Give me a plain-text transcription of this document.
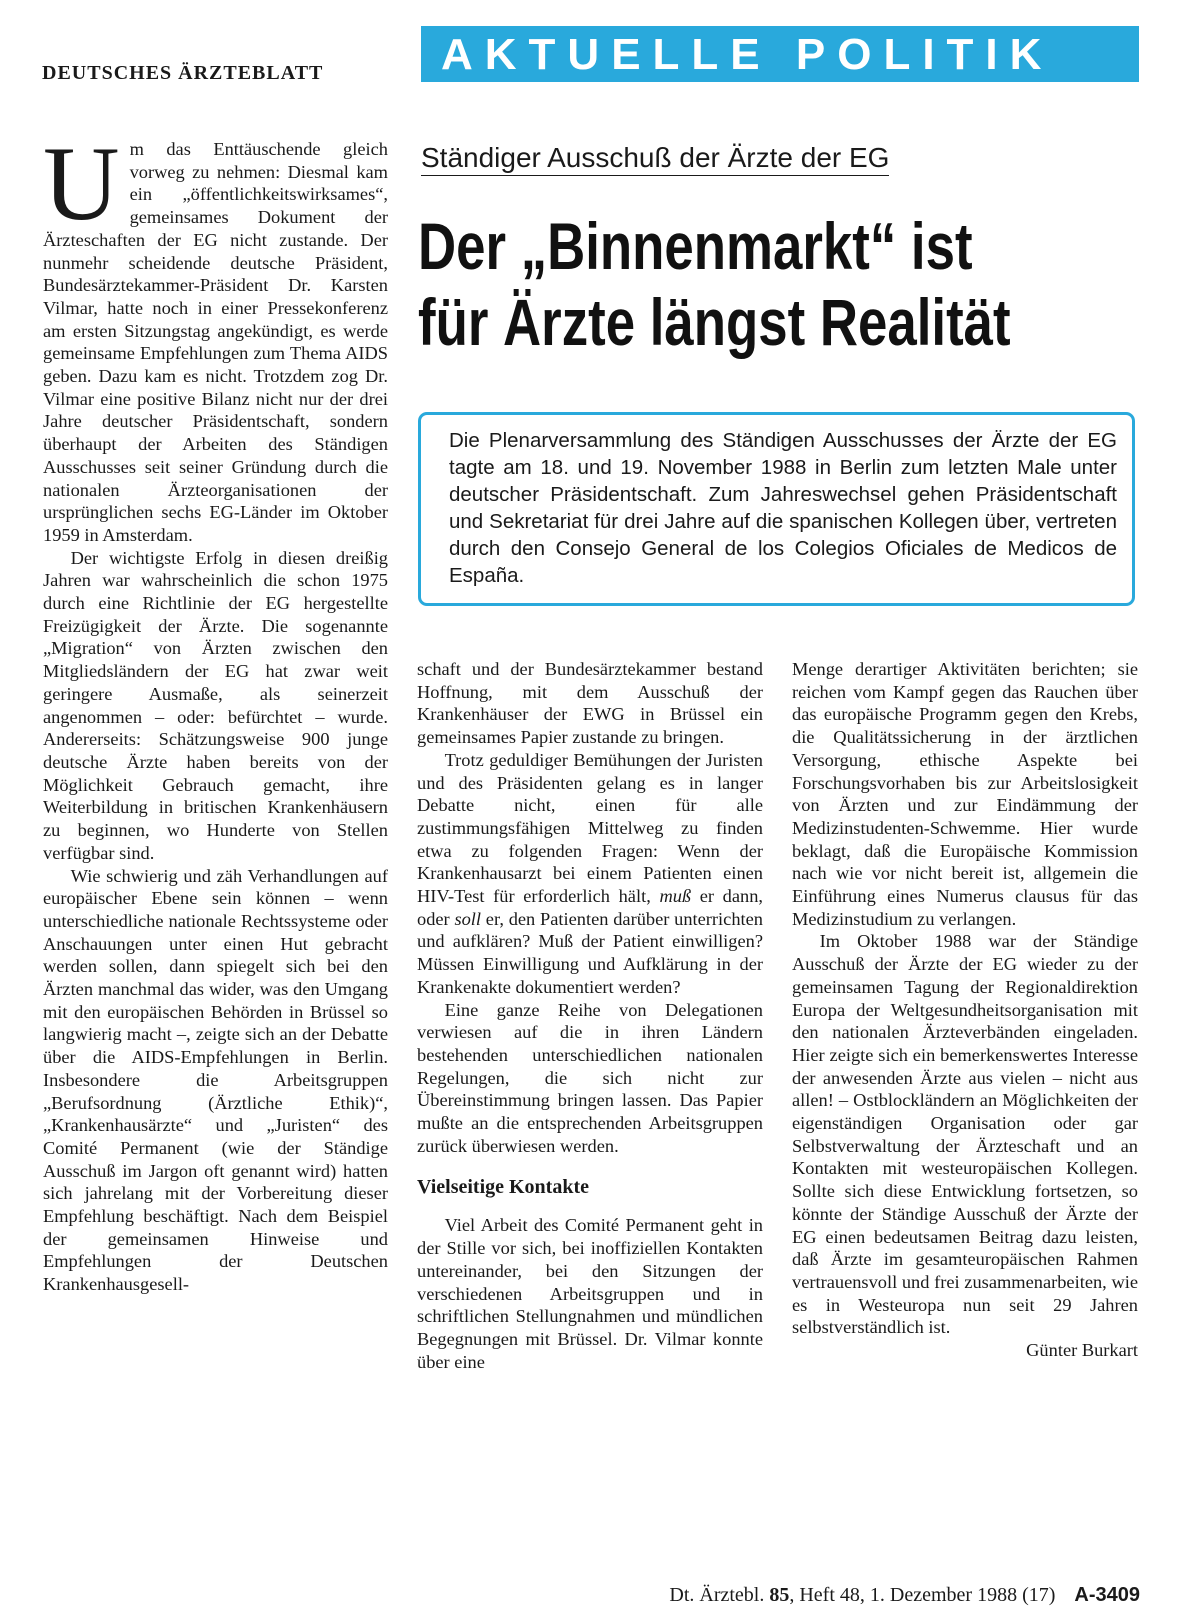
DEUTSCHES ÄRZTEBLATT	AKTUELLE POLITIK
Ständiger Ausschuß der Ärzte der EG
Der „Binnenmarkt“ ist
für Ärzte längst Realität

Die Plenarversammlung des Ständigen Ausschusses der Ärzte der EG tagte am 18. und 19. November 1988 in Berlin zum letzten Male unter deutscher Präsidentschaft. Zum Jahreswechsel gehen Präsidentschaft und Sekretariat für drei Jahre auf die spanischen Kollegen über, vertreten durch den Consejo General de los Colegios Oficiales de Medicos de España.

Um das Enttäuschende gleich vorweg zu nehmen: Diesmal kam ein „öffentlichkeitswirksames“, gemeinsames Dokument der Ärzteschaften der EG nicht zustande. Der nunmehr scheidende deutsche Präsident, Bundesärztekammer-Präsident Dr. Karsten Vilmar, hatte noch in einer Pressekonferenz am ersten Sitzungstag angekündigt, es werde gemeinsame Empfehlungen zum Thema AIDS geben. Dazu kam es nicht. Trotzdem zog Dr. Vilmar eine positive Bilanz nicht nur der drei Jahre deutscher Präsidentschaft, sondern überhaupt der Arbeiten des Ständigen Ausschusses seit seiner Gründung durch die nationalen Ärzteorganisationen der ursprünglichen sechs EG-Länder im Oktober 1959 in Amsterdam.

Der wichtigste Erfolg in diesen dreißig Jahren war wahrscheinlich die schon 1975 durch eine Richtlinie der EG hergestellte Freizügigkeit der Ärzte. Die sogenannte „Migration“ von Ärzten zwischen den Mitgliedsländern der EG hat zwar weit geringere Ausmaße, als seinerzeit angenommen – oder: befürchtet – wurde. Andererseits: Schätzungsweise 900 junge deutsche Ärzte haben bereits von der Möglichkeit Gebrauch gemacht, ihre Weiterbildung in britischen Krankenhäusern zu beginnen, wo Hunderte von Stellen verfügbar sind.

Wie schwierig und zäh Verhandlungen auf europäischer Ebene sein können – wenn unterschiedliche nationale Rechtssysteme oder Anschauungen unter einen Hut gebracht werden sollen, dann spiegelt sich bei den Ärzten manchmal das wider, was den Umgang mit den europäischen Behörden in Brüssel so langwierig macht –, zeigte sich an der Debatte über die AIDS-Empfehlungen in Berlin. Insbesondere die Arbeitsgruppen „Berufsordnung (Ärztliche Ethik)“, „Krankenhausärzte“ und „Juristen“ des Comité Permanent (wie der Ständige Ausschuß im Jargon oft genannt wird) hatten sich jahrelang mit der Vorbereitung dieser Empfehlung beschäftigt. Nach dem Beispiel der gemeinsamen Hinweise und Empfehlungen der Deutschen Krankenhausgesell-

schaft und der Bundesärztekammer bestand Hoffnung, mit dem Ausschuß der Krankenhäuser der EWG in Brüssel ein gemeinsames Papier zustande zu bringen.

Trotz geduldiger Bemühungen der Juristen und des Präsidenten gelang es in langer Debatte nicht, einen für alle zustimmungsfähigen Mittelweg zu finden etwa zu folgenden Fragen: Wenn der Krankenhausarzt bei einem Patienten einen HIV-Test für erforderlich hält, muß er dann, oder soll er, den Patienten darüber unterrichten und aufklären? Muß der Patient einwilligen? Müssen Einwilligung und Aufklärung in der Krankenakte dokumentiert werden?

Eine ganze Reihe von Delegationen verwiesen auf die in ihren Ländern bestehenden unterschiedlichen nationalen Regelungen, die sich nicht zur Übereinstimmung bringen lassen. Das Papier mußte an die entsprechenden Arbeitsgruppen zurück überwiesen werden.

Vielseitige Kontakte

Viel Arbeit des Comité Permanent geht in der Stille vor sich, bei inoffiziellen Kontakten untereinander, bei den Sitzungen der verschiedenen Arbeitsgruppen und in schriftlichen Stellungnahmen und mündlichen Begegnungen mit Brüssel. Dr. Vilmar konnte über eine

Menge derartiger Aktivitäten berichten; sie reichen vom Kampf gegen das Rauchen über das europäische Programm gegen den Krebs, die Qualitätssicherung in der ärztlichen Versorgung, ethische Aspekte bei Forschungsvorhaben bis zur Arbeitslosigkeit von Ärzten und zur Eindämmung der Medizinstudenten-Schwemme. Hier wurde beklagt, daß die Europäische Kommission nach wie vor nicht bereit ist, allgemein die Einführung eines Numerus clausus für das Medizinstudium zu verlangen.

Im Oktober 1988 war der Ständige Ausschuß der Ärzte der EG wieder zu der gemeinsamen Tagung der Regionaldirektion Europa der Weltgesundheitsorganisation mit den nationalen Ärzteverbänden eingeladen. Hier zeigte sich ein bemerkenswertes Interesse der anwesenden Ärzte aus vielen – nicht aus allen! – Ostblockländern an Möglichkeiten der eigenständigen Organisation oder gar Selbstverwaltung der Ärzteschaft und an Kontakten mit westeuropäischen Kollegen. Sollte sich diese Entwicklung fortsetzen, so könnte der Ständige Ausschuß der Ärzte der EG einen bedeutsamen Beitrag dazu leisten, daß Ärzte im gesamteuropäischen Rahmen vertrauensvoll und frei zusammenarbeiten, wie es in Westeuropa nun seit 29 Jahren selbstverständlich ist.

Günter Burkart

Dt. Ärztebl. 85, Heft 48, 1. Dezember 1988 (17) A-3409
